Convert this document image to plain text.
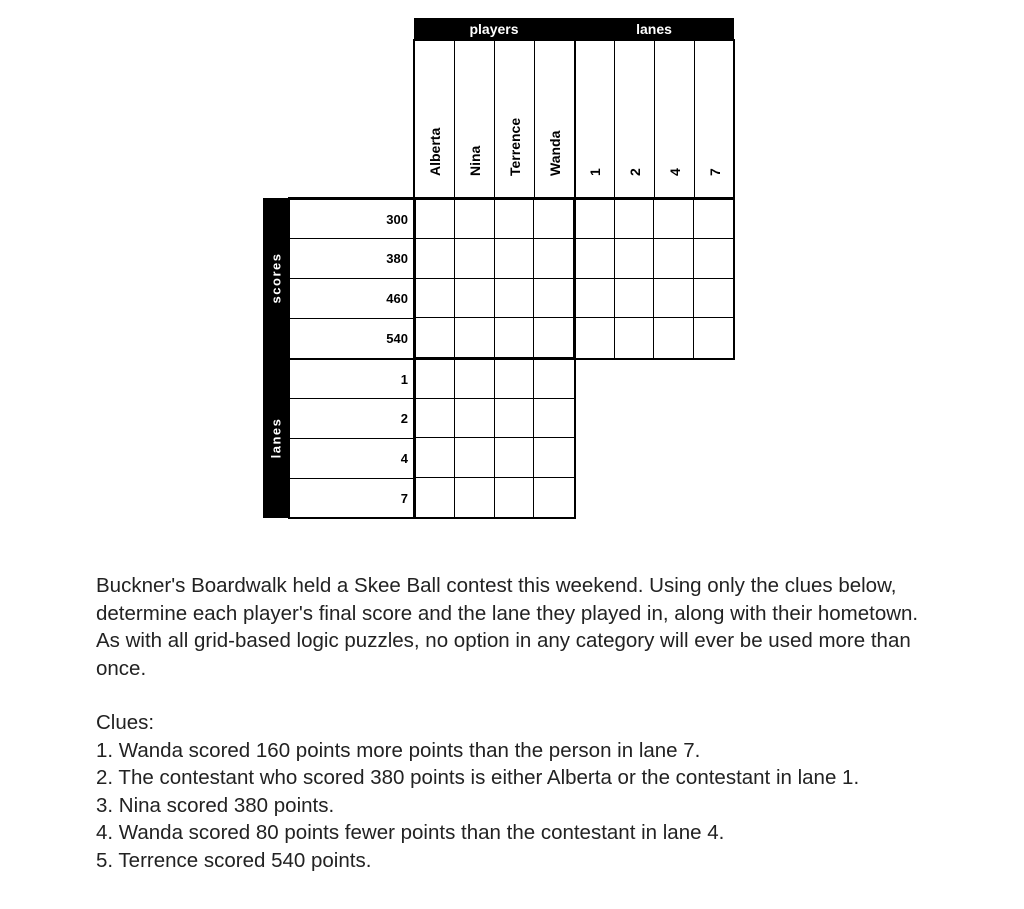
players	lanes
scores
lanes
Alberta Nina Terrence Wanda 1 2 4 7
300
380
460
540
1
2
4
7

Buckner's Boardwalk held a Skee Ball contest this weekend. Using only the clues below, determine each player's final score and the lane they played in, along with their hometown. As with all grid-based logic puzzles, no option in any category will ever be used more than once.

Clues:

1. Wanda scored 160 points more points than the person in lane 7.

2. The contestant who scored 380 points is either Alberta or the contestant in lane 1.

3. Nina scored 380 points.

4. Wanda scored 80 points fewer points than the contestant in lane 4.

5. Terrence scored 540 points.
